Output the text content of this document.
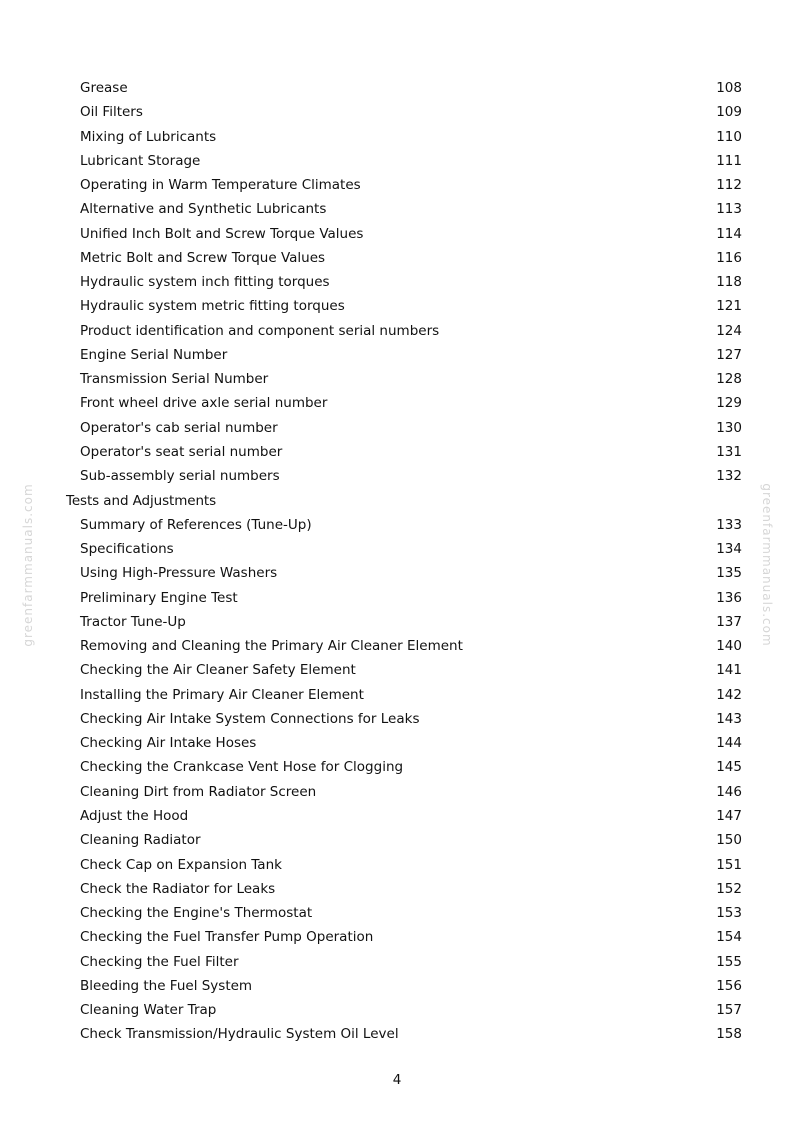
greenfarmmanuals.com	greenfarmmanuals.com
Grease	108
Oil Filters	109
Mixing of Lubricants	110
Lubricant Storage	111
Operating in Warm Temperature Climates	112
Alternative and Synthetic Lubricants	113
Unified Inch Bolt and Screw Torque Values	114
Metric Bolt and Screw Torque Values	116
Hydraulic system inch fitting torques	118
Hydraulic system metric fitting torques	121
Product identification and component serial numbers	124
Engine Serial Number	127
Transmission Serial Number	128
Front wheel drive axle serial number	129
Operator's cab serial number	130
Operator's seat serial number	131
Sub-assembly serial numbers	132
Tests and Adjustments
Summary of References (Tune-Up)	133
Specifications	134
Using High-Pressure Washers	135
Preliminary Engine Test	136
Tractor Tune-Up	137
Removing and Cleaning the Primary Air Cleaner Element	140
Checking the Air Cleaner Safety Element	141
Installing the Primary Air Cleaner Element	142
Checking Air Intake System Connections for Leaks	143
Checking Air Intake Hoses	144
Checking the Crankcase Vent Hose for Clogging	145
Cleaning Dirt from Radiator Screen	146
Adjust the Hood	147
Cleaning Radiator	150
Check Cap on Expansion Tank	151
Check the Radiator for Leaks	152
Checking the Engine's Thermostat	153
Checking the Fuel Transfer Pump Operation	154
Checking the Fuel Filter	155
Bleeding the Fuel System	156
Cleaning Water Trap	157
Check Transmission/Hydraulic System Oil Level	158
4
